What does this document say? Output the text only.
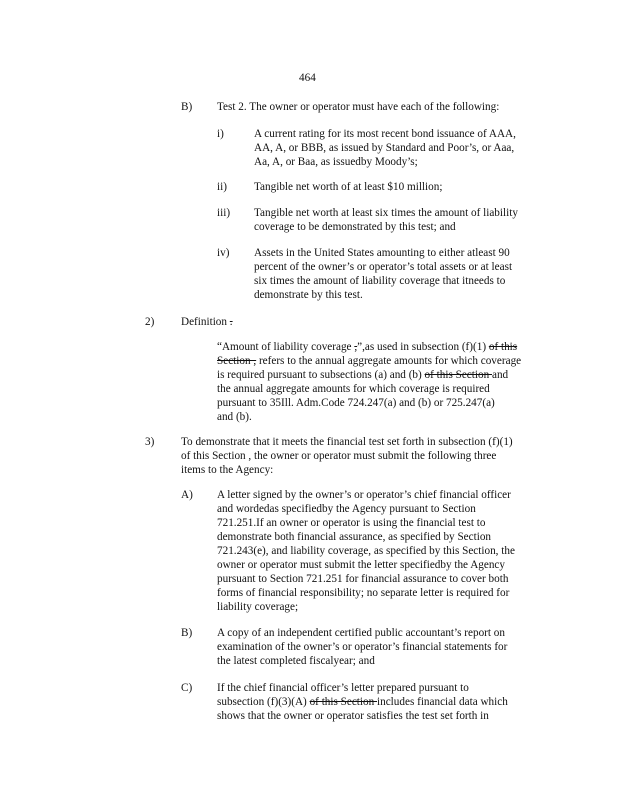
464
B) Test 2. The owner or operator must have each of the following:
i)	A current rating for its most recent bond issuance of AAA,
AA, A, or BBB, as issued by Standard and Poor’s, or Aaa,
Aa, A, or Baa, as issuedby Moody’s;
ii) Tangible net worth of at least $10 million;
iii) Tangible net worth at least six times the amount of liability
coverage to be demonstrated by this test; and
iv) Assets in the United States amounting to either atleast 90
percent of the owner’s or operator’s total assets or at least
six times the amount of liability coverage that itneeds to
demonstrate by this test.
2) Definition .
“Amount of liability coverage ,”,as used in subsection (f)(1) of this
Section , refers to the annual aggregate amounts for which coverage
is required pursuant to subsections (a) and (b) of this Section and
the annual aggregate amounts for which coverage is required
pursuant to 35Ill. Adm.Code 724.247(a) and (b) or 725.247(a)
and (b).
3) To demonstrate that it meets the financial test set forth in subsection (f)(1)
of this Section , the owner or operator must submit the following three
items to the Agency:
A) A letter signed by the owner’s or operator’s chief financial officer
and wordedas specifiedby the Agency pursuant to Section
721.251.If an owner or operator is using the financial test to
demonstrate both financial assurance, as specified by Section
721.243(e), and liability coverage, as specified by this Section, the
owner or operator must submit the letter specifiedby the Agency
pursuant to Section 721.251 for financial assurance to cover both
forms of financial responsibility; no separate letter is required for
liability coverage;
B) A copy of an independent certified public accountant’s report on
examination of the owner’s or operator’s financial statements for
the latest completed fiscalyear; and
C) If the chief financial officer’s letter prepared pursuant to
subsection (f)(3)(A) of this Section includes financial data which
shows that the owner or operator satisfies the test set forth in
